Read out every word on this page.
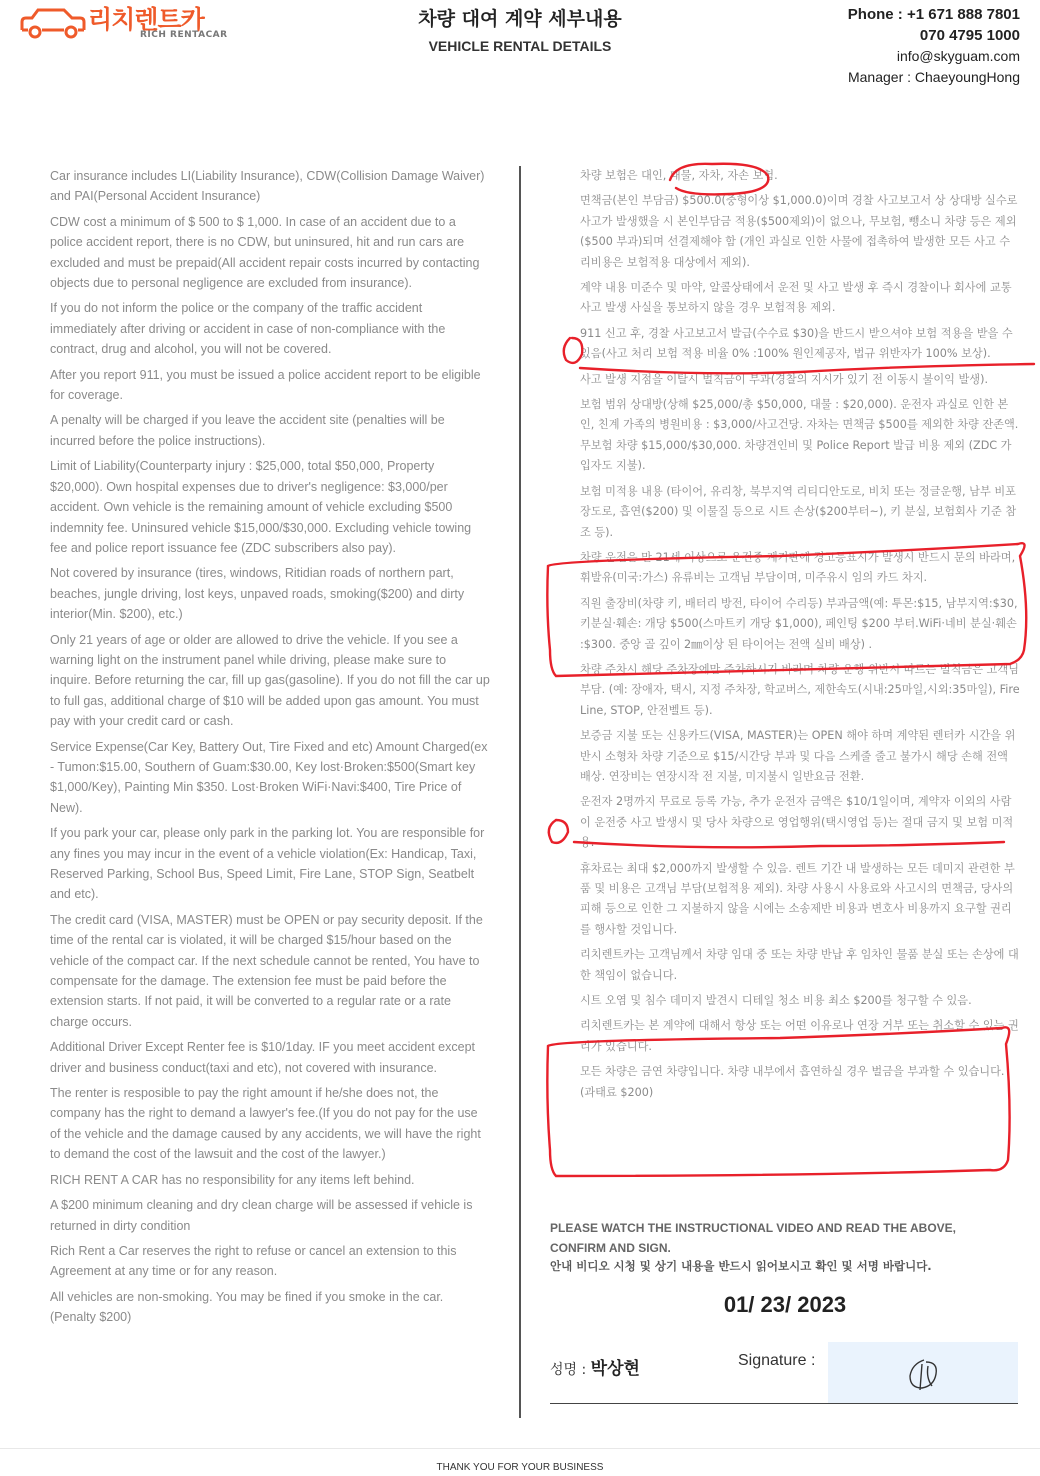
리치렌트카
RICH RENTACAR
차량 대여 계약 세부내용
VEHICLE RENTAL DETAILS
Phone : +1 671 888 7801
070 4795 1000
info@skyguam.com
Manager : ChaeyoungHong

Car insurance includes LI(Liability Insurance), CDW(Collision Damage Waiver) and PAI(Personal Accident Insurance)

CDW cost a minimum of $ 500 to $ 1,000. In case of an accident due to a police accident report, there is no CDW, but uninsured, hit and run cars are excluded and must be prepaid(All accident repair costs incurred by contacting objects due to personal negligence are excluded from insurance).

If you do not inform the police or the company of the traffic accident immediately after driving or accident in case of non-compliance with the contract, drug and alcohol, you will not be covered.

After you report 911, you must be issued a police accident report to be eligible for coverage.

A penalty will be charged if you leave the accident site (penalties will be incurred before the police instructions).

Limit of Liability(Counterparty injury : $25,000, total $50,000, Property $20,000). Own hospital expenses due to driver's negligence: $3,000/per accident. Own vehicle is the remaining amount of vehicle excluding $500 indemnity fee. Uninsured vehicle $15,000/$30,000. Excluding vehicle towing fee and police report issuance fee (ZDC subscribers also pay).

Not covered by insurance (tires, windows, Ritidian roads of northern part, beaches, jungle driving, lost keys, unpaved roads, smoking($200) and dirty interior(Min. $200), etc.)

Only 21 years of age or older are allowed to drive the vehicle. If you see a warning light on the instrument panel while driving, please make sure to inquire. Before returning the car, fill up gas(gasoline). If you do not fill the car up to full gas, additional charge of $10 will be added upon gas amount. You must pay with your credit card or cash.

Service Expense(Car Key, Battery Out, Tire Fixed and etc) Amount Charged(ex - Tumon:$15.00, Southern of Guam:$30.00, Key lost·Broken:$500(Smart key $1,000/Key), Painting Min $350. Lost·Broken WiFi·Navi:$400, Tire Price of New).

If you park your car, please only park in the parking lot. You are responsible for any fines you may incur in the event of a vehicle violation(Ex: Handicap, Taxi, Reserved Parking, School Bus, Speed Limit, Fire Lane, STOP Sign, Seatbelt and etc).

The credit card (VISA, MASTER) must be OPEN or pay security deposit. If the time of the rental car is violated, it will be charged $15/hour based on the vehicle of the compact car. If the next schedule cannot be rented, You have to compensate for the damage. The extension fee must be paid before the extension starts. If not paid, it will be converted to a regular rate or a rate charge occurs.

Additional Driver Except Renter fee is $10/1day. IF you meet accident except driver and business conduct(taxi and etc), not covered with insurance.

The renter is resposible to pay the right amount if he/she does not, the company has the right to demand a lawyer's fee.(If you do not pay for the use of the vehicle and the damage caused by any accidents, we will have the right to demand the cost of the lawsuit and the cost of the lawyer.)

RICH RENT A CAR has no responsibility for any items left behind.

A $200 minimum cleaning and dry clean charge will be assessed if vehicle is returned in dirty condition

Rich Rent a Car reserves the right to refuse or cancel an extension to this Agreement at any time or for any reason.

All vehicles are non-smoking. You may be fined if you smoke in the car. (Penalty $200)

차량 보험은 대인, 대물, 자차, 자손 보험.

면책금(본인 부담금) $500.0(중형이상 $1,000.0)이며 경찰 사고보고서 상 상대방 실수로 사고가 발생했을 시 본인부담금 적용($500제외)이 없으나, 무보험, 뺑소니 차량 등은 제외($500 부과)되며 선결제해야 함 (개인 과실로 인한 사물에 접촉하여 발생한 모든 사고 수리비용은 보험적용 대상에서 제외).

계약 내용 미준수 및 마약, 알콜상태에서 운전 및 사고 발생 후 즉시 경찰이나 회사에 교통 사고 발생 사실을 통보하지 않을 경우 보험적용 제외.

911 신고 후, 경찰 사고보고서 발급(수수료 $30)을 반드시 받으셔야 보험 적용을 받을 수 있음(사고 처리 보험 적용 비율 0% :100% 원인제공자, 법규 위반자가 100% 보상).

사고 발생 지점을 이탈시 벌칙금이 부과(경찰의 지시가 있기 전 이동시 불이익 발생).

보험 범위 상대방(상해 $25,000/총 $50,000, 대물 : $20,000). 운전자 과실로 인한 본인, 친계 가족의 병원비용 : $3,000/사고건당. 자차는 면책금 $500를 제외한 차량 잔존액. 무보험 차량 $15,000/$30,000. 차량견인비 및 Police Report 발급 비용 제외 (ZDC 가입자도 지불).

보험 미적용 내용 (타이어, 유리창, 북부지역 리티디안도로, 비치 또는 정글운행, 남부 비포장도로, 흡연($200) 및 이물질 등으로 시트 손상($200부터~), 키 분실, 보험회사 기준 참조 등).

차량 운전은 만 21세 이상으로 운전중 계기판에 경고등표시가 발생시 반드시 문의 바라며, 휘발유(미국:가스) 유류비는 고객님 부담이며, 미주유시 임의 카드 차지.

직원 출장비(차량 키, 배터리 방전, 타이어 수리등) 부과금액(예: 투몬:$15, 남부지역:$30, 키분실·훼손: 개당 $500(스마트키 개당 $1,000), 페인팅 $200 부터.WiFi·네비 분실·훼손 :$300. 중앙 골 깊이 2㎜이상 된 타이어는 전액 실비 배상) .

차량 주차시 해당 주차장에만 주차하시기 바라며 차량 운행 위반시 따르는 벌칙금은 고객님 부담. (예: 장애자, 택시, 지정 주차장, 학교버스, 제한속도(시내:25마일,시외:35마일), Fire Line, STOP, 안전벨트 등).

보증금 지불 또는 신용카드(VISA, MASTER)는 OPEN 해야 하며 계약된 렌터카 시간을 위반시 소형차 차량 기준으로 $15/시간당 부과 및 다음 스케줄 줄고 불가시 해당 손해 전액 배상. 연장비는 연장시작 전 지불, 미지불시 일반요금 전환.

운전자 2명까지 무료로 등록 가능, 추가 운전자 금액은 $10/1일이며, 계약자 이외의 사람이 운전중 사고 발생시 및 당사 차량으로 영업행위(택시영업 등)는 절대 금지 및 보험 미적용.

휴차료는 최대 $2,000까지 발생할 수 있음. 렌트 기간 내 발생하는 모든 데미지 관련한 부품 및 비용은 고객님 부담(보험적용 제외). 차량 사용시 사용료와 사고시의 면책금, 당사의 피해 등으로 인한 그 지불하지 않을 시에는 소송제반 비용과 변호사 비용까지 요구할 권리를 행사할 것입니다.

리치렌트카는 고객님께서 차량 임대 중 또는 차량 반납 후 임차인 물품 분실 또는 손상에 대한 책임이 없습니다.

시트 오염 및 침수 데미지 발견시 디테일 청소 비용 최소 $200를 청구할 수 있음.

리치렌트카는 본 계약에 대해서 항상 또는 어떤 이유로나 연장 거부 또는 취소할 수 있는 권리가 있습니다.

모든 차량은 금연 차량입니다. 차량 내부에서 흡연하실 경우 벌금을 부과할 수 있습니다. (과태료 $200)

PLEASE WATCH THE INSTRUCTIONAL VIDEO AND READ THE ABOVE, CONFIRM AND SIGN.
안내 비디오 시청 및 상기 내용을 반드시 읽어보시고 확인 및 서명 바랍니다.
01/ 23/ 2023
성명 : 박상현	Signature :
THANK YOU FOR YOUR BUSINESS
